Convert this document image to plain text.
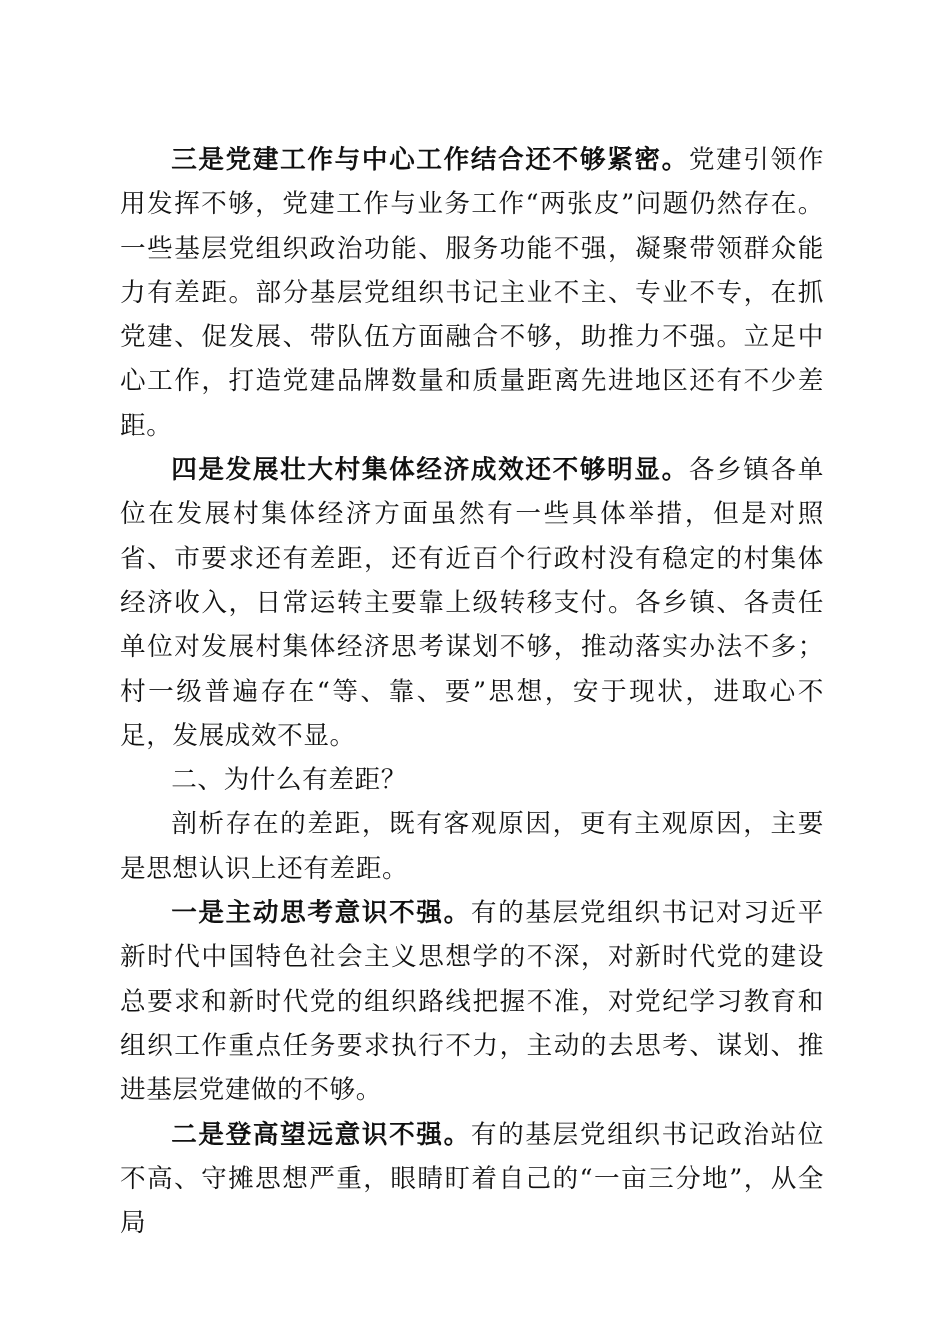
三是党建工作与中心工作结合还不够紧密。党建引领作用发挥不够，党建工作与业务工作“两张皮”问题仍然存在。一些基层党组织政治功能、服务功能不强，凝聚带领群众能力有差距。部分基层党组织书记主业不主、专业不专，在抓党建、促发展、带队伍方面融合不够，助推力不强。立足中心工作，打造党建品牌数量和质量距离先进地区还有不少差距。

四是发展壮大村集体经济成效还不够明显。各乡镇各单位在发展村集体经济方面虽然有一些具体举措，但是对照省、市要求还有差距，还有近百个行政村没有稳定的村集体经济收入，日常运转主要靠上级转移支付。各乡镇、各责任单位对发展村集体经济思考谋划不够，推动落实办法不多；村一级普遍存在“等、靠、要”思想，安于现状，进取心不足，发展成效不显。

二、为什么有差距？

剖析存在的差距，既有客观原因，更有主观原因，主要是思想认识上还有差距。

一是主动思考意识不强。有的基层党组织书记对习近平新时代中国特色社会主义思想学的不深，对新时代党的建设总要求和新时代党的组织路线把握不准，对党纪学习教育和组织工作重点任务要求执行不力，主动的去思考、谋划、推进基层党建做的不够。

二是登高望远意识不强。有的基层党组织书记政治站位不高、守摊思想严重，眼睛盯着自己的“一亩三分地”，从全局
